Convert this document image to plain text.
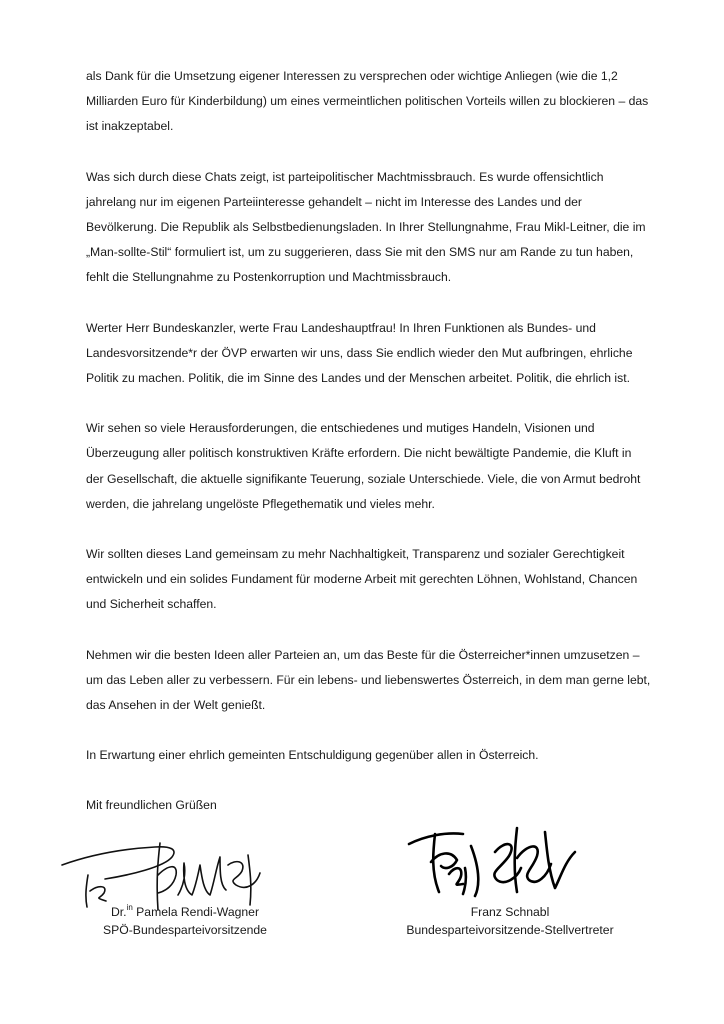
als Dank für die Umsetzung eigener Interessen zu versprechen oder wichtige Anliegen (wie die 1,2 Milliarden Euro für Kinderbildung) um eines vermeintlichen politischen Vorteils willen zu blockieren – das ist inakzeptabel.

Was sich durch diese Chats zeigt, ist parteipolitischer Machtmissbrauch. Es wurde offensichtlich jahrelang nur im eigenen Parteiinteresse gehandelt – nicht im Interesse des Landes und der Bevölkerung. Die Republik als Selbstbedienungsladen. In Ihrer Stellungnahme, Frau Mikl-Leitner, die im „Man-sollte-Stil“ formuliert ist, um zu suggerieren, dass Sie mit den SMS nur am Rande zu tun haben, fehlt die Stellungnahme zu Postenkorruption und Machtmissbrauch.

Werter Herr Bundeskanzler, werte Frau Landeshauptfrau! In Ihren Funktionen als Bundes- und Landesvorsitzende*r der ÖVP erwarten wir uns, dass Sie endlich wieder den Mut aufbringen, ehrliche Politik zu machen. Politik, die im Sinne des Landes und der Menschen arbeitet. Politik, die ehrlich ist.

Wir sehen so viele Herausforderungen, die entschiedenes und mutiges Handeln, Visionen und Überzeugung aller politisch konstruktiven Kräfte erfordern. Die nicht bewältigte Pandemie, die Kluft in der Gesellschaft, die aktuelle signifikante Teuerung, soziale Unterschiede. Viele, die von Armut bedroht werden, die jahrelang ungelöste Pflegethematik und vieles mehr.

Wir sollten dieses Land gemeinsam zu mehr Nachhaltigkeit, Transparenz und sozialer Gerechtigkeit entwickeln und ein solides Fundament für moderne Arbeit mit gerechten Löhnen, Wohlstand, Chancen und Sicherheit schaffen.

Nehmen wir die besten Ideen aller Parteien an, um das Beste für die Österreicher*innen umzusetzen – um das Leben aller zu verbessern. Für ein lebens- und liebenswertes Österreich, in dem man gerne lebt, das Ansehen in der Welt genießt.

In Erwartung einer ehrlich gemeinten Entschuldigung gegenüber allen in Österreich.

Mit freundlichen Grüßen

Dr.$^{in}$ Pamela Rendi-Wagner
SPÖ-Bundesparteivorsitzende
Franz Schnabl
Bundesparteivorsitzende-Stellvertreter
